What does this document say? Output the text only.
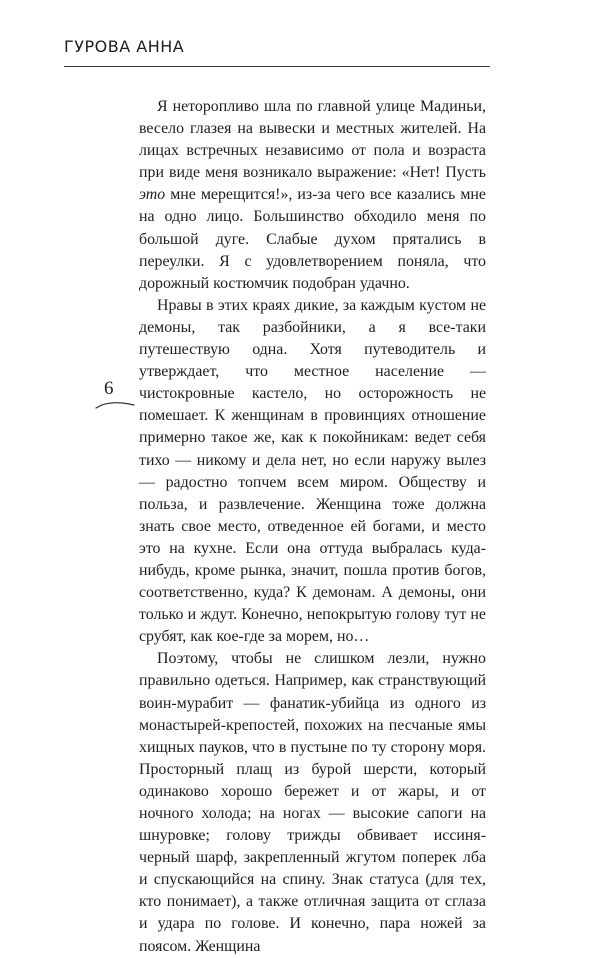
ГУРОВА АННА
6

Я неторопливо шла по главной улице Мадиньи, весело глазея на вывески и местных жителей. На лицах встречных независимо от пола и возраста при виде меня возникало выражение: «Нет! Пусть это мне мерещится!», из-за чего все казались мне на одно лицо. Большинство обходило меня по большой дуге. Слабые духом прятались в переулки. Я с удовлетворением поняла, что дорожный костюмчик подобран удачно.

Нравы в этих краях дикие, за каждым кустом не демоны, так разбойники, а я все-таки путешествую одна. Хотя путеводитель и утверждает, что местное население — чистокровные кастело, но осторожность не помешает. К женщинам в провинциях отношение примерно такое же, как к покойникам: ведет себя тихо — никому и дела нет, но если наружу вылез — радостно топчем всем миром. Обществу и польза, и развлечение. Женщина тоже должна знать свое место, отведенное ей богами, и место это на кухне. Если она оттуда выбралась куда-нибудь, кроме рынка, значит, пошла против богов, соответственно, куда? К демонам. А демоны, они только и ждут. Конечно, непокрытую голову тут не срубят, как кое-где за морем, но…

Поэтому, чтобы не слишком лезли, нужно правильно одеться. Например, как странствующий воин-мурабит — фанатик-убийца из одного из монастырей-крепостей, похожих на песчаные ямы хищных пауков, что в пустыне по ту сторону моря. Просторный плащ из бурой шерсти, который одинаково хорошо бережет и от жары, и от ночного холода; на ногах — высокие сапоги на шнуровке; голову трижды обвивает иссиня-черный шарф, закрепленный жгутом поперек лба и спускающийся на спину. Знак статуса (для тех, кто понимает), а также отличная защита от сглаза и удара по голове. И конечно, пара ножей за поясом. Женщина
